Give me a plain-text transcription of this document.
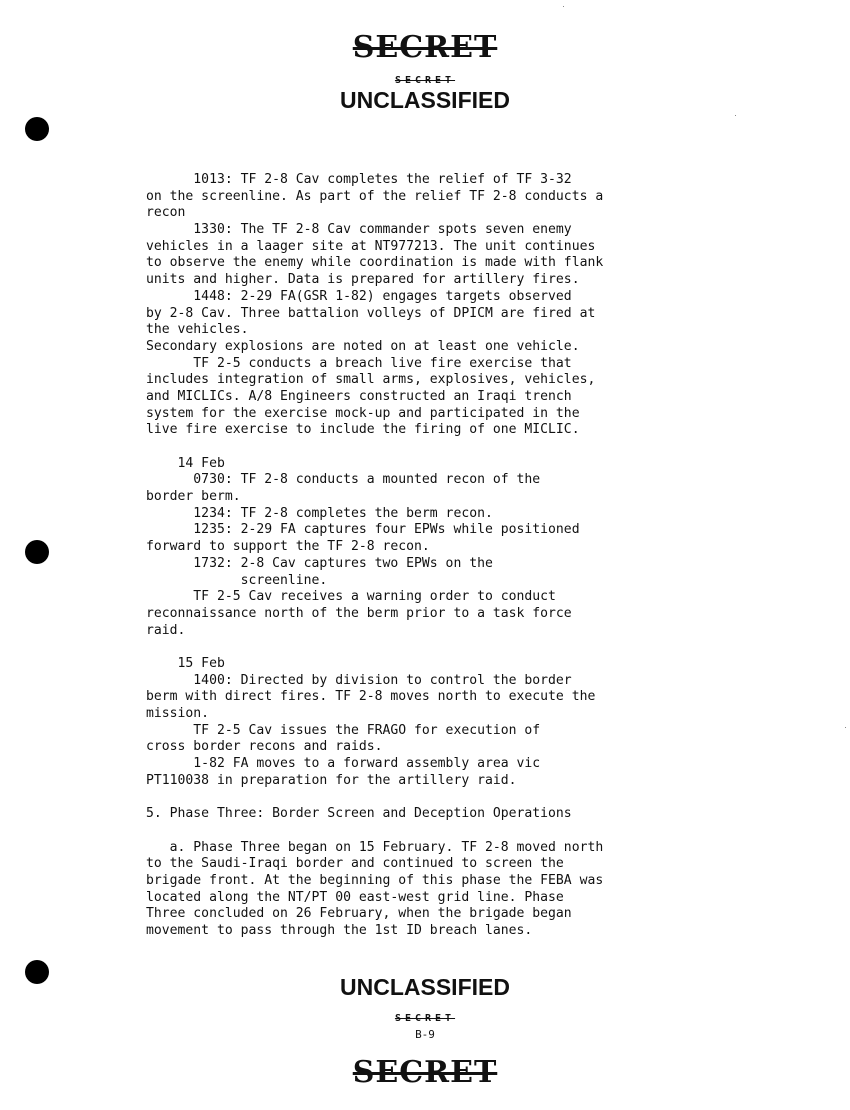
SECRET
SECRET
UNCLASSIFIED
1013: TF 2-8 Cav completes the relief of TF 3-32
on the screenline. As part of the relief TF 2-8 conducts a
recon
1330: The TF 2-8 Cav commander spots seven enemy
vehicles in a laager site at NT977213. The unit continues
to observe the enemy while coordination is made with flank
units and higher. Data is prepared for artillery fires.
1448: 2-29 FA(GSR 1-82) engages targets observed
by 2-8 Cav. Three battalion volleys of DPICM are fired at
the vehicles.
Secondary explosions are noted on at least one vehicle.
TF 2-5 conducts a breach live fire exercise that
includes integration of small arms, explosives, vehicles,
and MICLICs. A/8 Engineers constructed an Iraqi trench
system for the exercise mock-up and participated in the
live fire exercise to include the firing of one MICLIC.
14 Feb
0730: TF 2-8 conducts a mounted recon of the
border berm.
1234: TF 2-8 completes the berm recon.
1235: 2-29 FA captures four EPWs while positioned
forward to support the TF 2-8 recon.
1732: 2-8 Cav captures two EPWs on the
screenline.
TF 2-5 Cav receives a warning order to conduct
reconnaissance north of the berm prior to a task force
raid.
15 Feb
1400: Directed by division to control the border
berm with direct fires. TF 2-8 moves north to execute the
mission.
TF 2-5 Cav issues the FRAGO for execution of
cross border recons and raids.
1-82 FA moves to a forward assembly area vic
PT110038 in preparation for the artillery raid.
5. Phase Three: Border Screen and Deception Operations
a. Phase Three began on 15 February. TF 2-8 moved north
to the Saudi-Iraqi border and continued to screen the
brigade front. At the beginning of this phase the FEBA was
located along the NT/PT 00 east-west grid line. Phase
Three concluded on 26 February, when the brigade began
movement to pass through the 1st ID breach lanes.
UNCLASSIFIED
SECRET
B-9
SECRET
